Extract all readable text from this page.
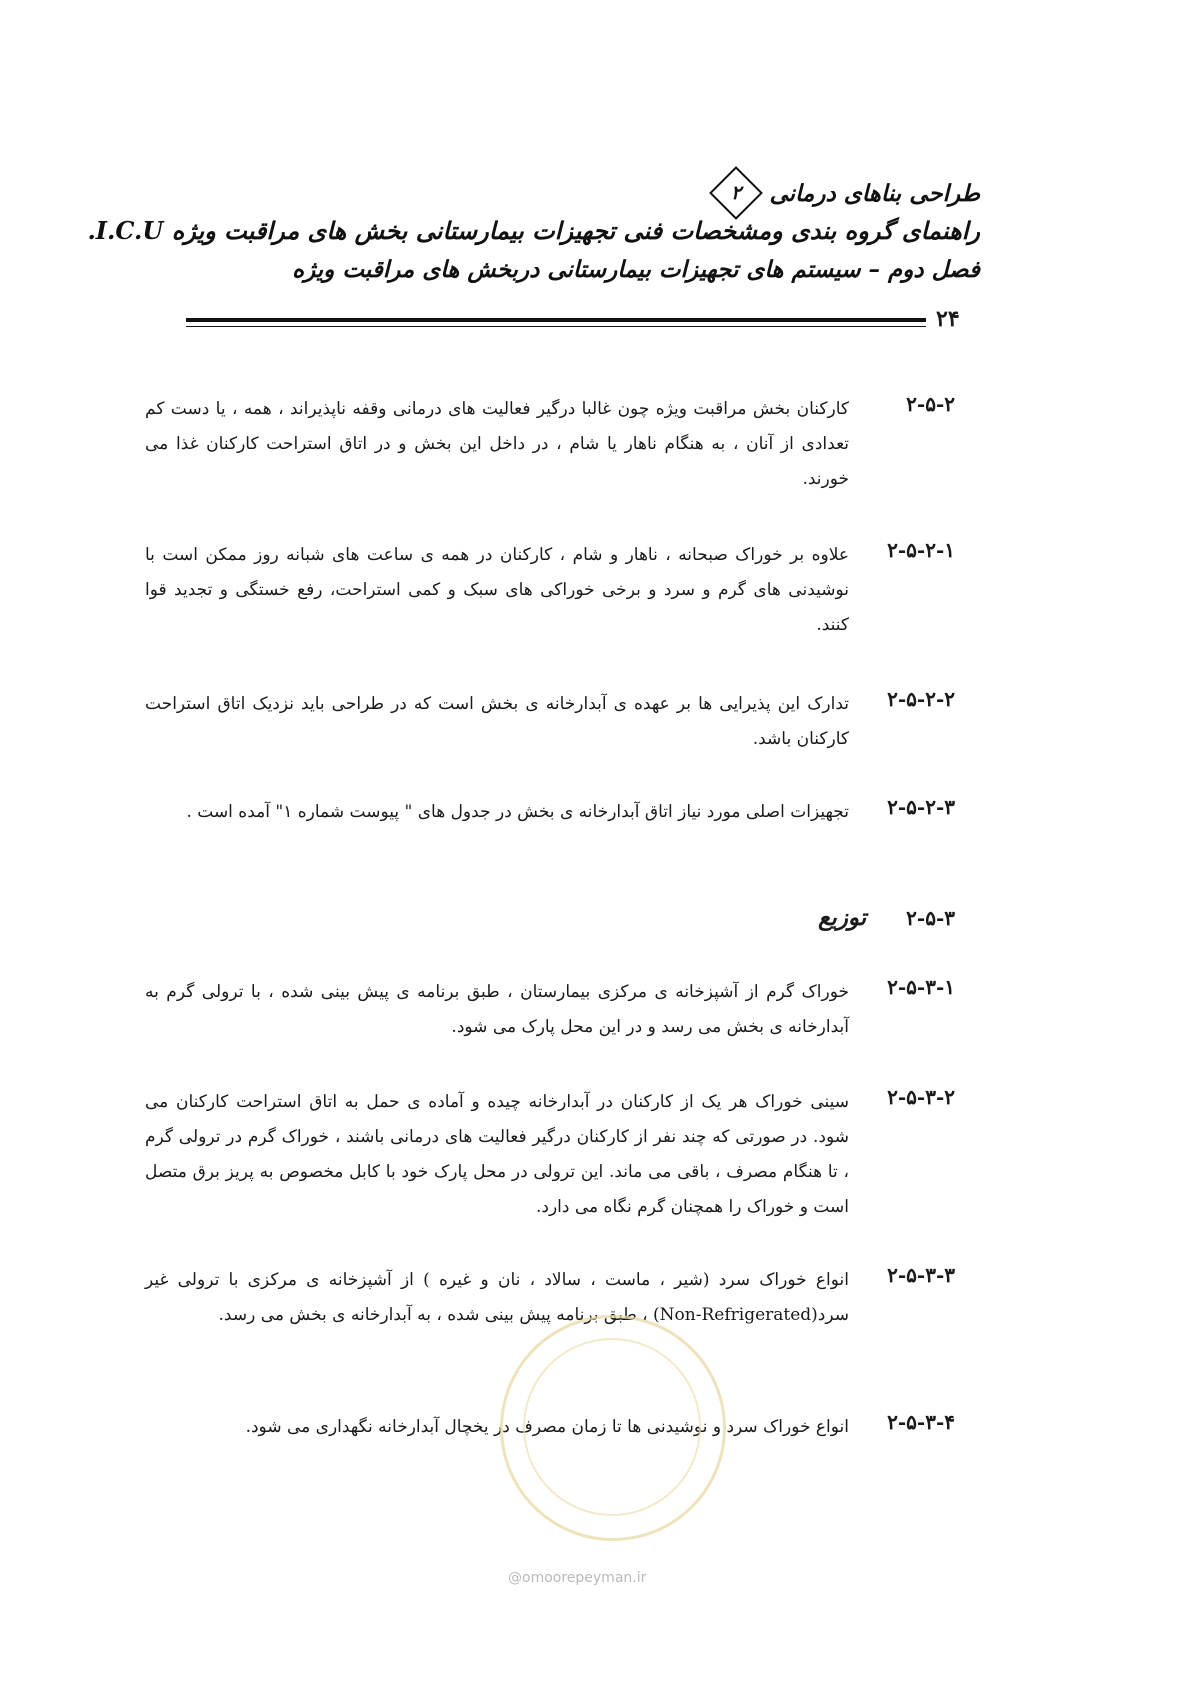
طراحی بناهای درمانی
۲
راهنمای گروه بندی ومشخصات فنی تجهیزات بیمارستانی بخش های مراقبت ویژه I.C.U.
فصل دوم – سیستم های تجهیزات بیمارستانی دربخش های مراقبت ویژه
۲۴
۲-۵-۲
کارکنان بخش مراقبت ویژه چون غالبا درگیر فعالیت های درمانی وقفه ناپذیراند ، همه ، یا دست کم تعدادی از آنان ، به هنگام ناهار یا شام ، در داخل این بخش و در اتاق استراحت کارکنان غذا می خورند.
۲-۵-۲-۱
علاوه بر خوراک صبحانه ، ناهار و شام ، کارکنان در همه ی ساعت های شبانه روز ممکن است با نوشیدنی های گرم و سرد و برخی خوراکی های سبک و کمی استراحت، رفع خستگی و تجدید قوا کنند.
۲-۵-۲-۲
تدارک این پذیرایی ها بر عهده ی آبدارخانه ی بخش است که در طراحی باید نزدیک اتاق استراحت کارکنان باشد.
۲-۵-۲-۳
تجهیزات اصلی مورد نیاز اتاق آبدارخانه ی بخش در جدول های " پیوست شماره ۱" آمده است .
۲-۵-۳
توزیع
۲-۵-۳-۱
خوراک گرم از آشپزخانه ی مرکزی بیمارستان ، طبق برنامه ی پیش بینی شده ، با ترولی گرم به آبدارخانه ی بخش می رسد و در این محل پارک می شود.
۲-۵-۳-۲
سینی خوراک هر یک از کارکنان در آبدارخانه چیده و آماده ی حمل به اتاق استراحت کارکنان می شود. در صورتی که چند نفر از کارکنان درگیر فعالیت های درمانی باشند ، خوراک گرم در ترولی گرم ، تا هنگام مصرف ، باقی می ماند. این ترولی در محل پارک خود با کابل مخصوص به پریز برق متصل است و خوراک را همچنان گرم نگاه می دارد.
۲-۵-۳-۳
انواع خوراک سرد (شیر ، ماست ، سالاد ، نان و غیره ) از آشپزخانه ی مرکزی با ترولی غیر سرد(Non-Refrigerated) ، طبق برنامه پیش بینی شده ، به آبدارخانه ی بخش می رسد.
۲-۵-۳-۴
انواع خوراک سرد و نوشیدنی ها تا زمان مصرف در یخچال آبدارخانه نگهداری می شود.
@omoorepeyman.ir
